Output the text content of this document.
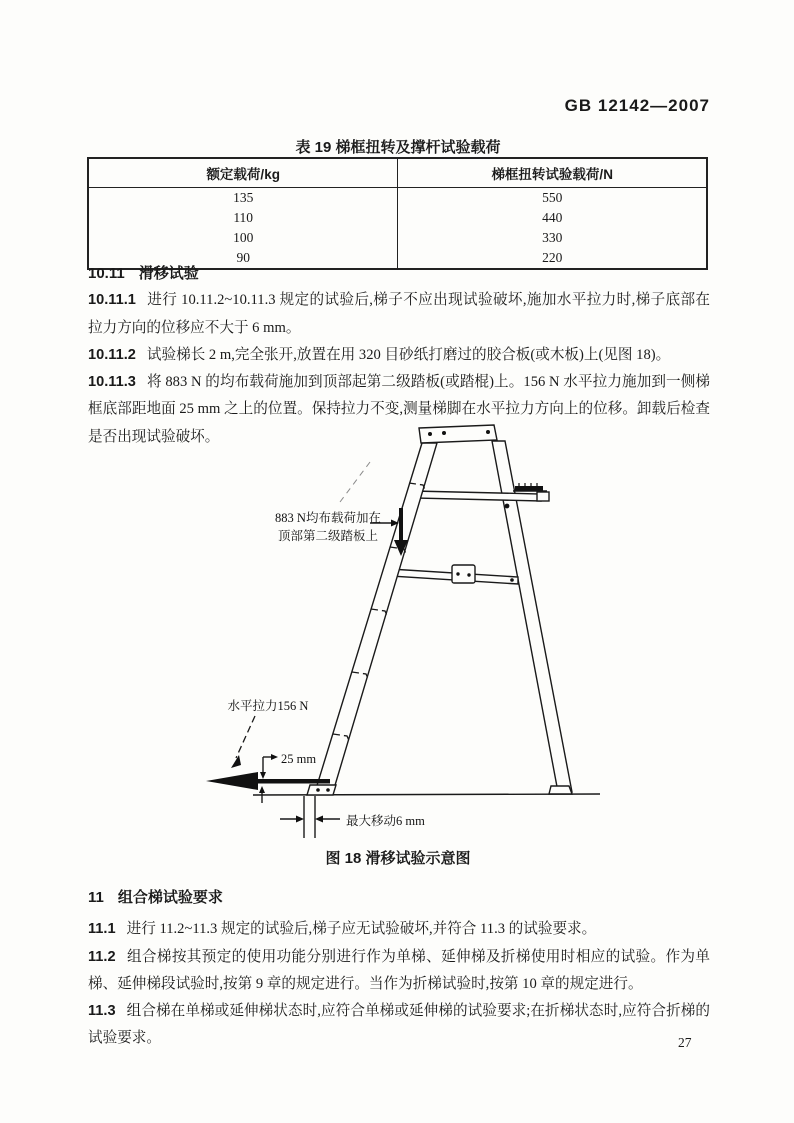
GB 12142—2007
表 19 梯框扭转及撑杆试验载荷
额定载荷/kg	梯框扭转试验载荷/N
135	550
110	440
100	330
90	220
10.11 滑移试验

10.11.1 进行 10.11.2~10.11.3 规定的试验后,梯子不应出现试验破坏,施加水平拉力时,梯子底部在拉力方向的位移应不大于 6 mm。

10.11.2 试验梯长 2 m,完全张开,放置在用 320 目砂纸打磨过的胶合板(或木板)上(见图 18)。

10.11.3 将 883 N 的均布载荷施加到顶部起第二级踏板(或踏棍)上。156 N 水平拉力施加到一侧梯框底部距地面 25 mm 之上的位置。保持拉力不变,测量梯脚在水平拉力方向上的位移。卸载后检查是否出现试验破坏。

883 N均布载荷加在
顶部第二级踏板上
水平拉力156 N
25 mm
最大移动6 mm
图 18 滑移试验示意图
11 组合梯试验要求

11.1 进行 11.2~11.3 规定的试验后,梯子应无试验破坏,并符合 11.3 的试验要求。

11.2 组合梯按其预定的使用功能分别进行作为单梯、延伸梯及折梯使用时相应的试验。作为单梯、延伸梯段试验时,按第 9 章的规定进行。当作为折梯试验时,按第 10 章的规定进行。

11.3 组合梯在单梯或延伸梯状态时,应符合单梯或延伸梯的试验要求;在折梯状态时,应符合折梯的试验要求。	27
